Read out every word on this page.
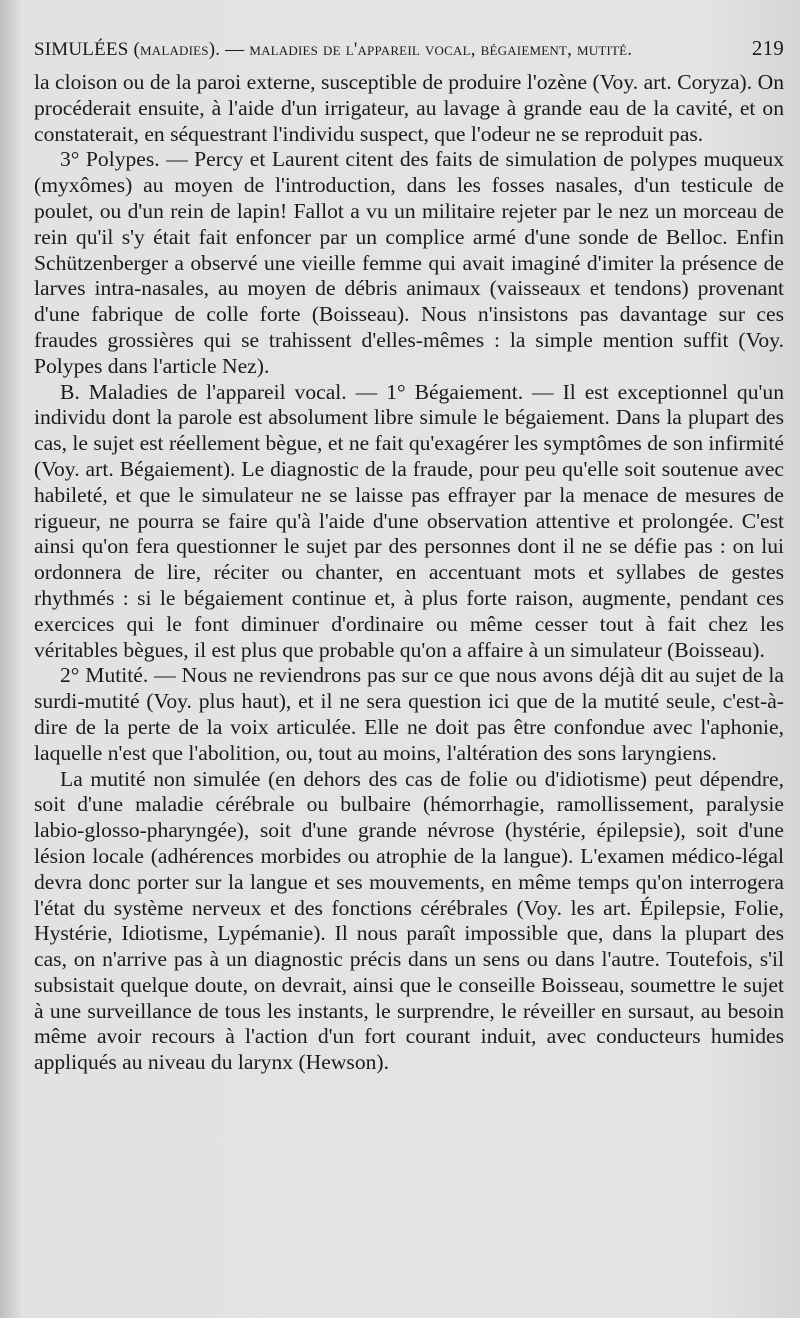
SIMULÉES (maladies). — maladies de l'appareil vocal, bégaiement, mutité.	219

la cloison ou de la paroi externe, susceptible de produire l'ozène (Voy. art. Coryza). On procéderait ensuite, à l'aide d'un irrigateur, au lavage à grande eau de la cavité, et on constaterait, en séquestrant l'individu suspect, que l'odeur ne se reproduit pas.

3° Polypes. — Percy et Laurent citent des faits de simulation de polypes muqueux (myxômes) au moyen de l'introduction, dans les fosses nasales, d'un testicule de poulet, ou d'un rein de lapin! Fallot a vu un militaire rejeter par le nez un morceau de rein qu'il s'y était fait enfoncer par un complice armé d'une sonde de Belloc. Enfin Schützenberger a observé une vieille femme qui avait imaginé d'imiter la présence de larves intra-nasales, au moyen de débris animaux (vaisseaux et tendons) provenant d'une fabrique de colle forte (Boisseau). Nous n'insistons pas davantage sur ces fraudes grossières qui se trahissent d'elles-mêmes : la simple mention suffit (Voy. Polypes dans l'article Nez).

B. Maladies de l'appareil vocal. — 1° Bégaiement. — Il est exceptionnel qu'un individu dont la parole est absolument libre simule le bégaiement. Dans la plupart des cas, le sujet est réellement bègue, et ne fait qu'exagérer les symptômes de son infirmité (Voy. art. Bégaiement). Le diagnostic de la fraude, pour peu qu'elle soit soutenue avec habileté, et que le simulateur ne se laisse pas effrayer par la menace de mesures de rigueur, ne pourra se faire qu'à l'aide d'une observation attentive et prolongée. C'est ainsi qu'on fera questionner le sujet par des personnes dont il ne se défie pas : on lui ordonnera de lire, réciter ou chanter, en accentuant mots et syllabes de gestes rhythmés : si le bégaiement continue et, à plus forte raison, augmente, pendant ces exercices qui le font diminuer d'ordinaire ou même cesser tout à fait chez les véritables bègues, il est plus que probable qu'on a affaire à un simulateur (Boisseau).

2° Mutité. — Nous ne reviendrons pas sur ce que nous avons déjà dit au sujet de la surdi-mutité (Voy. plus haut), et il ne sera question ici que de la mutité seule, c'est-à-dire de la perte de la voix articulée. Elle ne doit pas être confondue avec l'aphonie, laquelle n'est que l'abolition, ou, tout au moins, l'altération des sons laryngiens.

La mutité non simulée (en dehors des cas de folie ou d'idiotisme) peut dépendre, soit d'une maladie cérébrale ou bulbaire (hémorrhagie, ramollissement, paralysie labio-glosso-pharyngée), soit d'une grande névrose (hystérie, épilepsie), soit d'une lésion locale (adhérences morbides ou atrophie de la langue). L'examen médico-légal devra donc porter sur la langue et ses mouvements, en même temps qu'on interrogera l'état du système nerveux et des fonctions cérébrales (Voy. les art. Épilepsie, Folie, Hystérie, Idiotisme, Lypémanie). Il nous paraît impossible que, dans la plupart des cas, on n'arrive pas à un diagnostic précis dans un sens ou dans l'autre. Toutefois, s'il subsistait quelque doute, on devrait, ainsi que le conseille Boisseau, soumettre le sujet à une surveillance de tous les instants, le surprendre, le réveiller en sursaut, au besoin même avoir recours à l'action d'un fort courant induit, avec conducteurs humides appliqués au niveau du larynx (Hewson).
